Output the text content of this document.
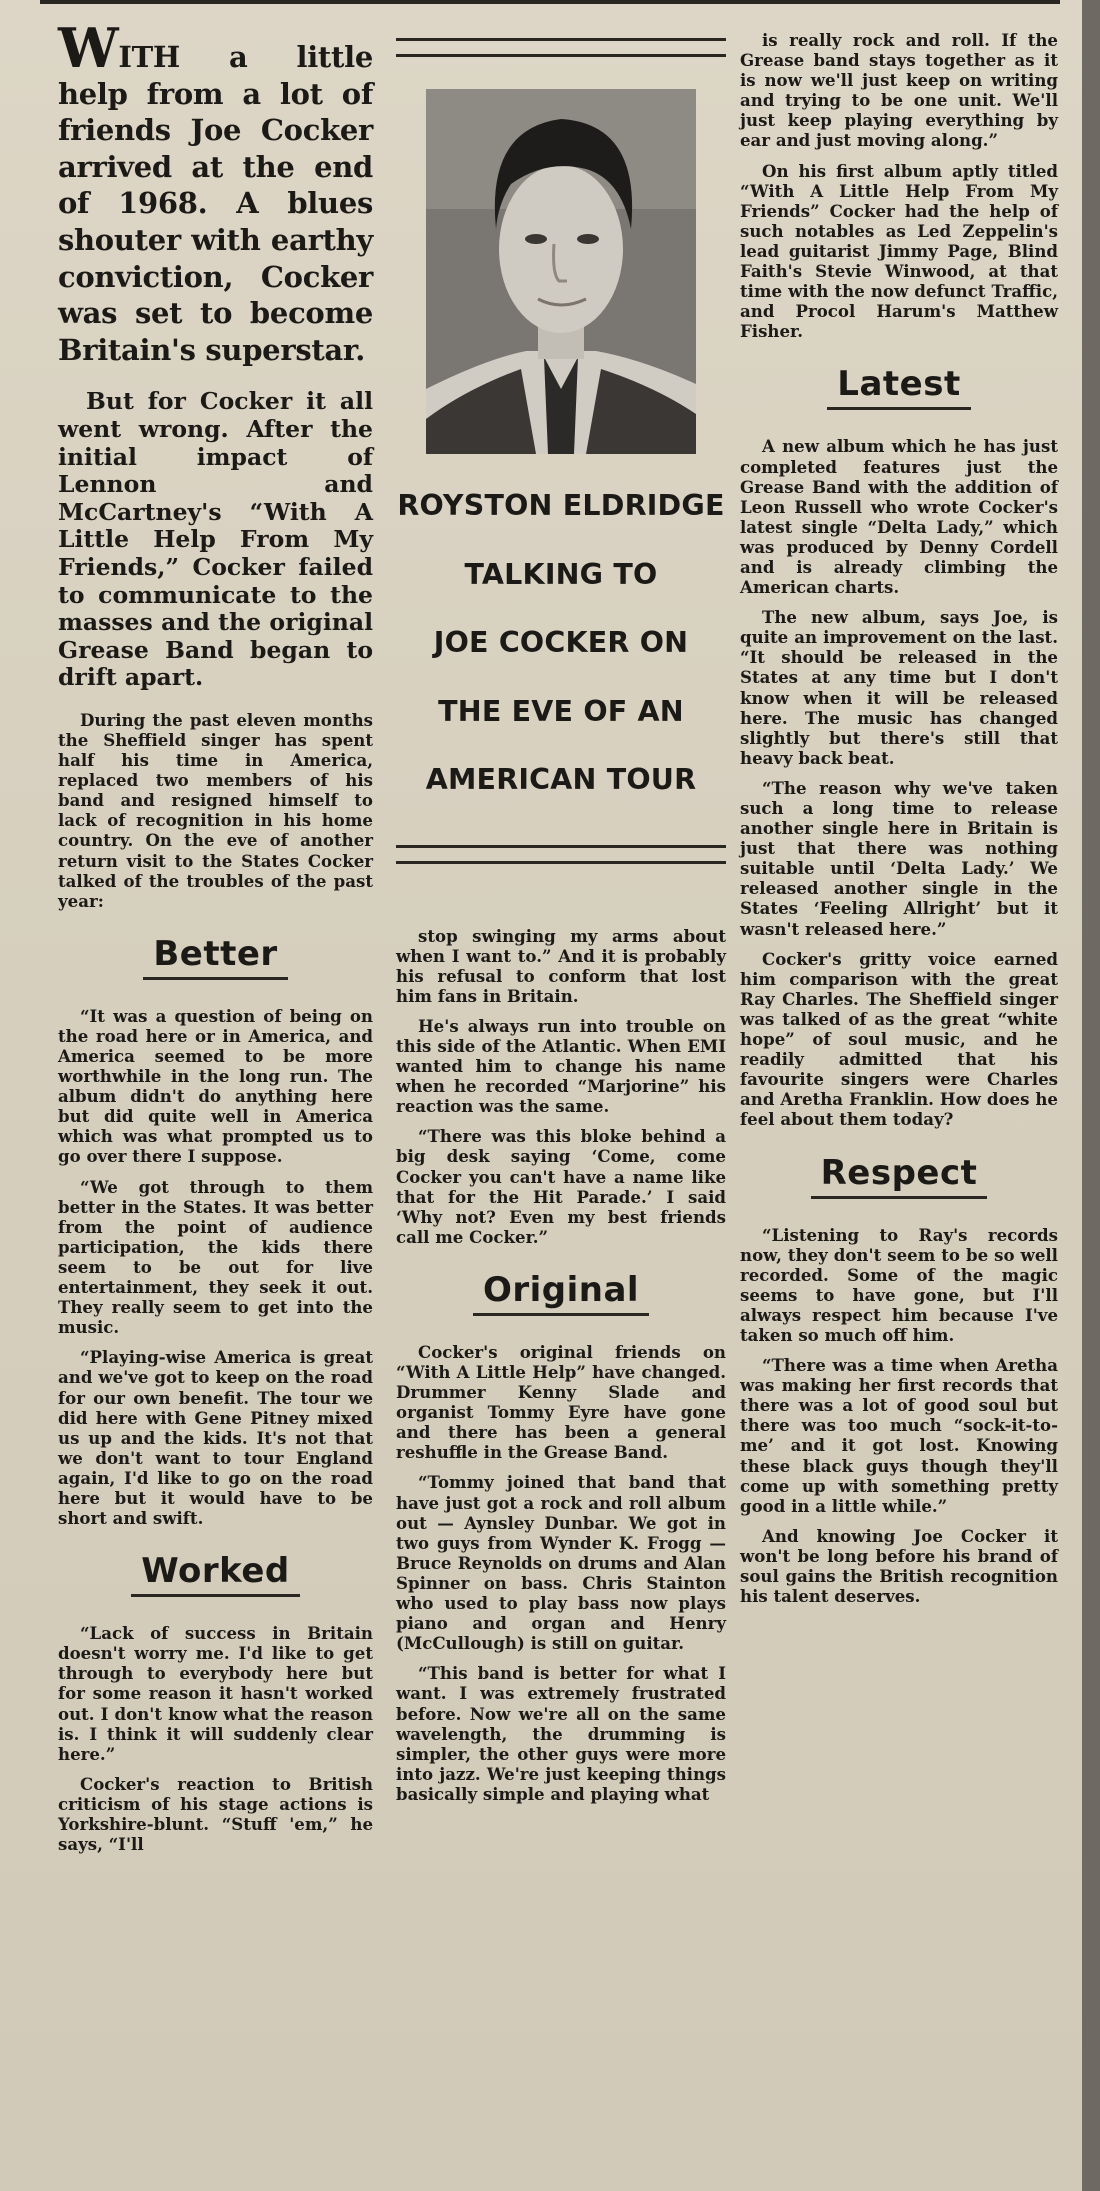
WITH a little help from a lot of friends Joe Cocker arrived at the end of 1968. A blues shouter with earthy conviction, Cocker was set to become Britain's superstar.

But for Cocker it all went wrong. After the initial impact of Lennon and McCartney's “With A Little Help From My Friends,” Cocker failed to communicate to the masses and the original Grease Band began to drift apart.

During the past eleven months the Sheffield singer has spent half his time in America, replaced two members of his band and resigned himself to lack of recognition in his home country. On the eve of another return visit to the States Cocker talked of the troubles of the past year:

Better

“It was a question of being on the road here or in America, and America seemed to be more worthwhile in the long run. The album didn't do anything here but did quite well in America which was what prompted us to go over there I suppose.

“We got through to them better in the States. It was better from the point of audience participation, the kids there seem to be out for live entertainment, they seek it out. They really seem to get into the music.

“Playing-wise America is great and we've got to keep on the road for our own benefit. The tour we did here with Gene Pitney mixed us up and the kids. It's not that we don't want to tour England again, I'd like to go on the road here but it would have to be short and swift.

Worked

“Lack of success in Britain doesn't worry me. I'd like to get through to everybody here but for some reason it hasn't worked out. I don't know what the reason is. I think it will suddenly clear here.”

Cocker's reaction to British criticism of his stage actions is Yorkshire-blunt. “Stuff 'em,” he says, “I'll

ROYSTON ELDRIDGE
TALKING TO
JOE COCKER ON
THE EVE OF AN
AMERICAN TOUR

stop swinging my arms about when I want to.” And it is probably his refusal to conform that lost him fans in Britain.

He's always run into trouble on this side of the Atlantic. When EMI wanted him to change his name when he recorded “Marjorine” his reaction was the same.

“There was this bloke behind a big desk saying ‘Come, come Cocker you can't have a name like that for the Hit Parade.’ I said ‘Why not? Even my best friends call me Cocker.”

Original

Cocker's original friends on “With A Little Help” have changed. Drummer Kenny Slade and organist Tommy Eyre have gone and there has been a general reshuffle in the Grease Band.

“Tommy joined that band that have just got a rock and roll album out — Aynsley Dunbar. We got in two guys from Wynder K. Frogg — Bruce Reynolds on drums and Alan Spinner on bass. Chris Stainton who used to play bass now plays piano and organ and Henry (McCullough) is still on guitar.

“This band is better for what I want. I was extremely frustrated before. Now we're all on the same wavelength, the drumming is simpler, the other guys were more into jazz. We're just keeping things basically simple and playing what

is really rock and roll. If the Grease band stays together as it is now we'll just keep on writing and trying to be one unit. We'll just keep playing everything by ear and just moving along.”

On his first album aptly titled “With A Little Help From My Friends” Cocker had the help of such notables as Led Zeppelin's lead guitarist Jimmy Page, Blind Faith's Stevie Winwood, at that time with the now defunct Traffic, and Procol Harum's Matthew Fisher.

Latest

A new album which he has just completed features just the Grease Band with the addition of Leon Russell who wrote Cocker's latest single “Delta Lady,” which was produced by Denny Cordell and is already climbing the American charts.

The new album, says Joe, is quite an improvement on the last. “It should be released in the States at any time but I don't know when it will be released here. The music has changed slightly but there's still that heavy back beat.

“The reason why we've taken such a long time to release another single here in Britain is just that there was nothing suitable until ‘Delta Lady.’ We released another single in the States ‘Feeling Allright’ but it wasn't released here.”

Cocker's gritty voice earned him comparison with the great Ray Charles. The Sheffield singer was talked of as the great “white hope” of soul music, and he readily admitted that his favourite singers were Charles and Aretha Franklin. How does he feel about them today?

Respect

“Listening to Ray's records now, they don't seem to be so well recorded. Some of the magic seems to have gone, but I'll always respect him because I've taken so much off him.

“There was a time when Aretha was making her first records that there was a lot of good soul but there was too much “sock-it-to-me’ and it got lost. Knowing these black guys though they'll come up with something pretty good in a little while.”

And knowing Joe Cocker it won't be long before his brand of soul gains the British recognition his talent deserves.
